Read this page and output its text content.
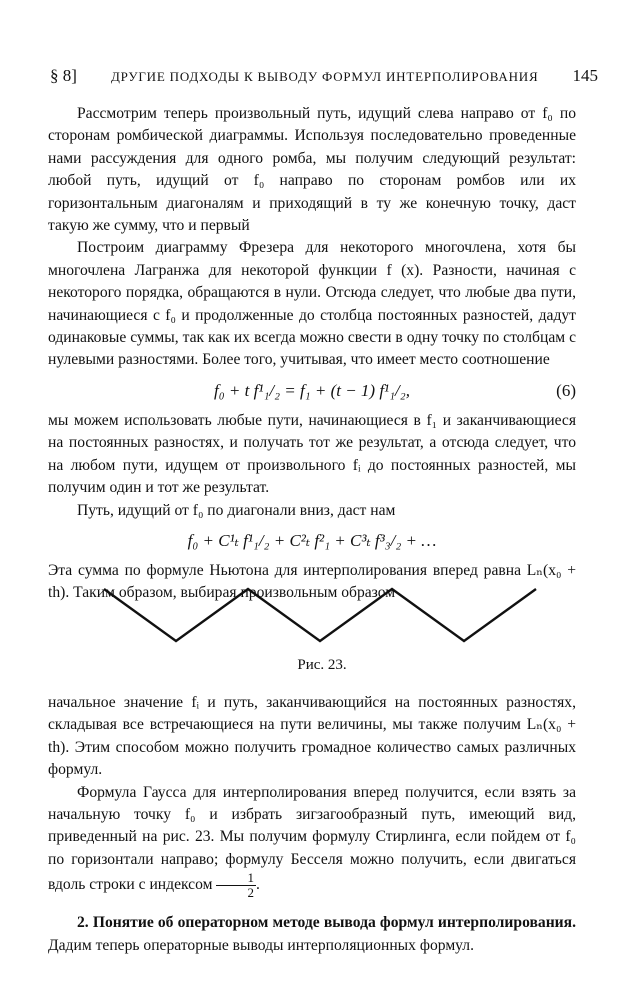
§ 8]	ДРУГИЕ ПОДХОДЫ К ВЫВОДУ ФОРМУЛ ИНТЕРПОЛИРОВАНИЯ 145

Рассмотрим теперь произвольный путь, идущий слева направо от f₀ по сторонам ромбической диаграммы. Используя последовательно проведенные нами рассуждения для одного ромба, мы получим следующий результат: любой путь, идущий от f₀ направо по сторонам ромбов или их горизонтальным диагоналям и приходящий в ту же конечную точку, даст такую же сумму, что и первый

Построим диаграмму Фрезера для некоторого многочлена, хотя бы многочлена Лагранжа для некоторой функции f (x). Разности, начиная с некоторого порядка, обращаются в нули. Отсюда следует, что любые два пути, начинающиеся с f₀ и продолженные до столбца постоянных разностей, дадут одинаковые суммы, так как их всегда можно свести в одну точку по столбцам с нулевыми разностями. Более того, учитывая, что имеет место соотношение

f₀ + t f¹₁/₂ = f₁ + (t − 1) f¹₁/₂,	(6)

мы можем использовать любые пути, начинающиеся в f₁ и заканчивающиеся на постоянных разностях, и получать тот же результат, а отсюда следует, что на любом пути, идущем от произвольного fᵢ до постоянных разностей, мы получим один и тот же результат.

Путь, идущий от f₀ по диагонали вниз, даст нам

f₀ + C¹ₜ f¹₁/₂ + C²ₜ f²₁ + C³ₜ f³₃/₂ + …

Эта сумма по формуле Ньютона для интерполирования вперед равна Lₙ(x₀ + th). Таким образом, выбирая произвольным образом

Рис. 23.

начальное значение fᵢ и путь, заканчивающийся на постоянных разностях, складывая все встречающиеся на пути величины, мы также получим Lₙ(x₀ + th). Этим способом можно получить громадное количество самых различных формул.

Формула Гаусса для интерполирования вперед получится, если взять за начальную точку f₀ и избрать зигзагообразный путь, имеющий вид, приведенный на рис. 23. Мы получим формулу Стирлинга, если пойдем от f₀ по горизонтали направо; формулу Бесселя можно получить, если двигаться вдоль строки с индексом $\frac{1}{2}$ .

2. Понятие об операторном методе вывода формул интерполирования. Дадим теперь операторные выводы интерполяционных формул.
